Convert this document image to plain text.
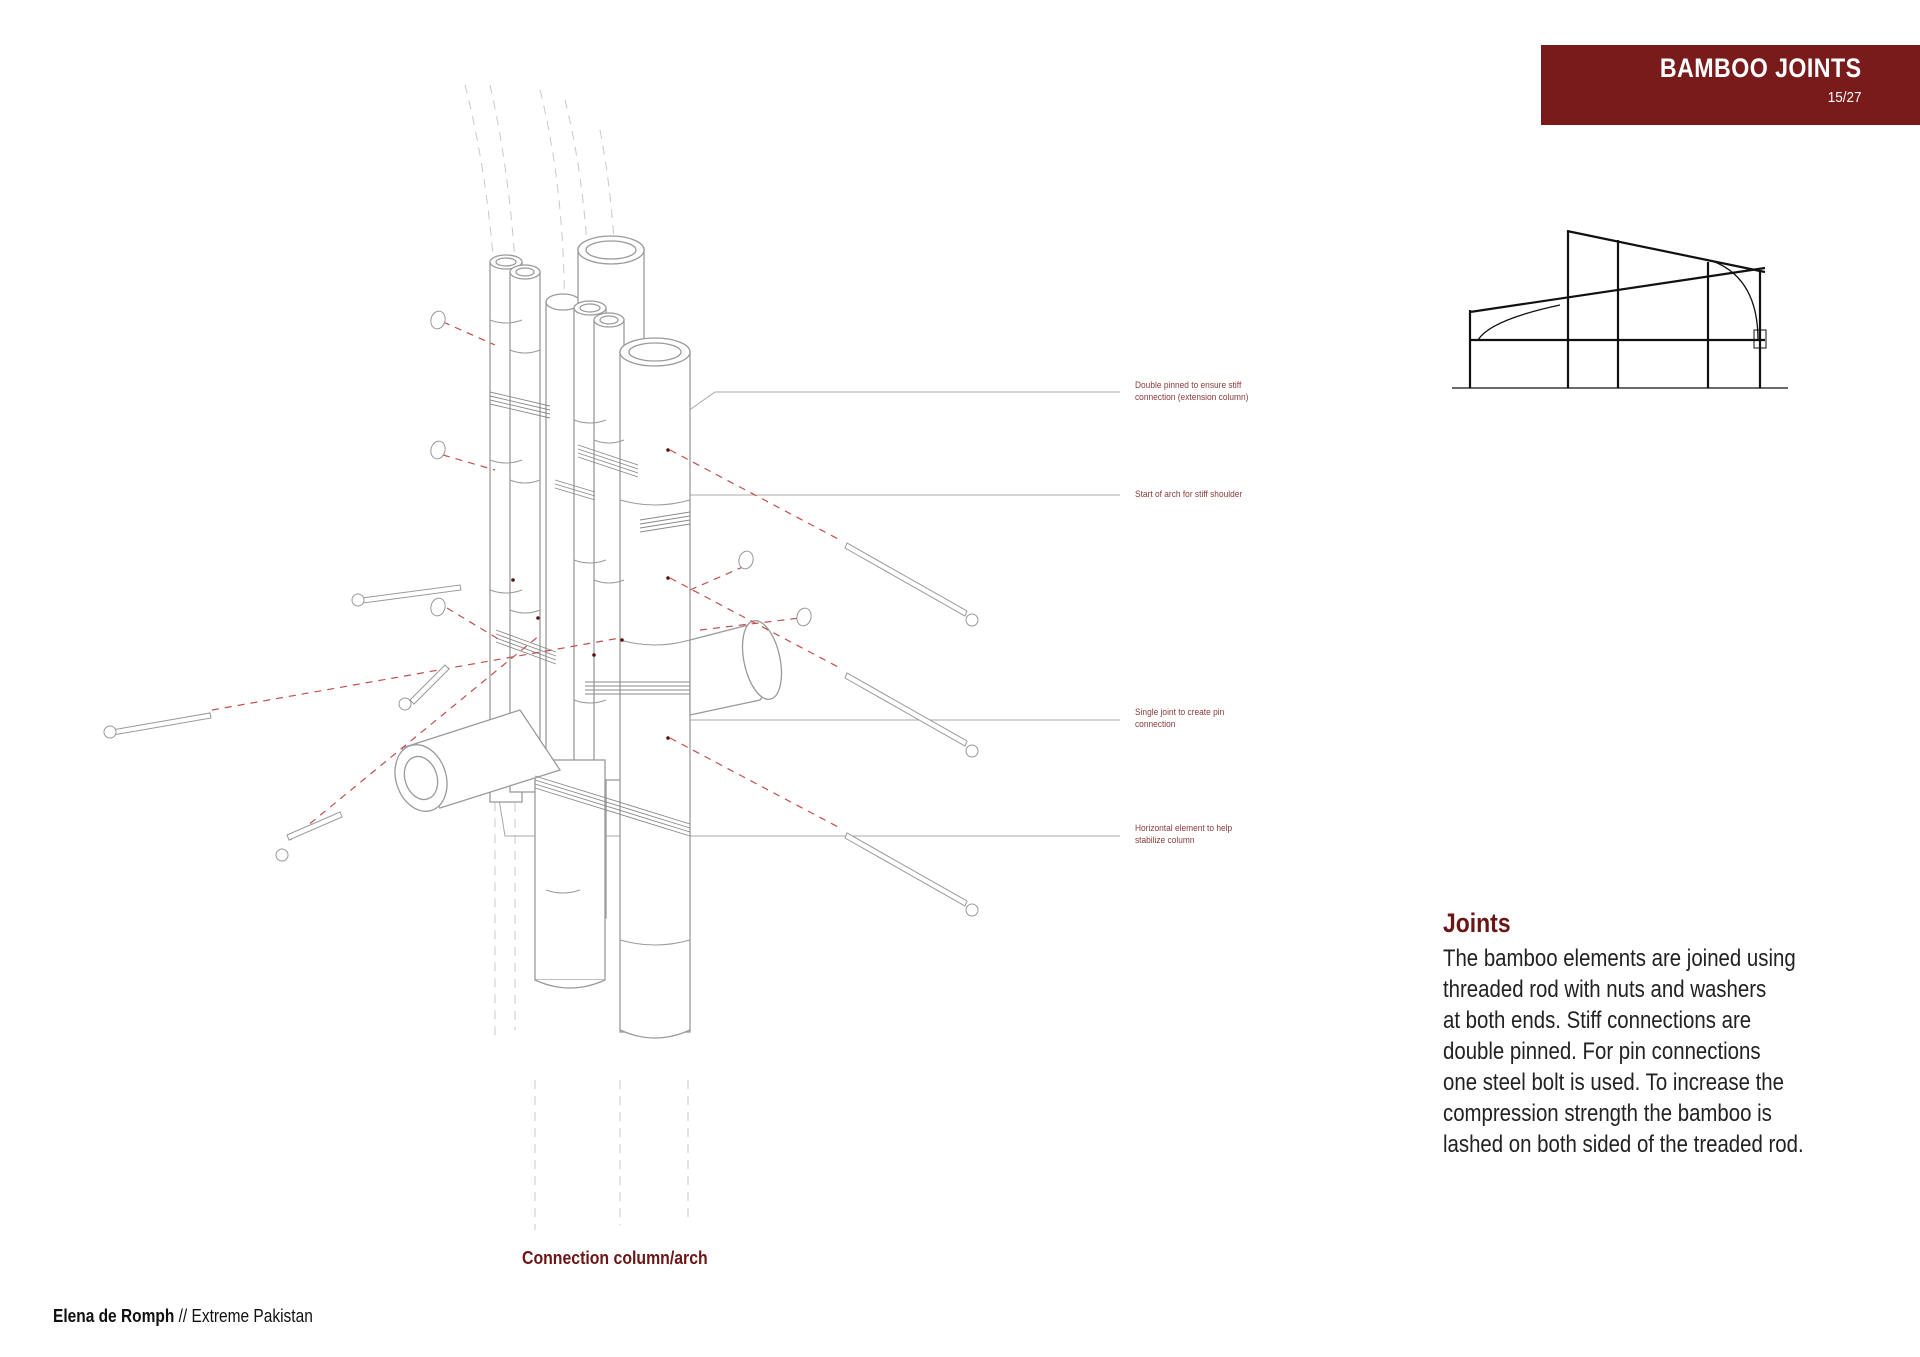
BAMBOO JOINTS
15/27
Double pinned to ensure stiff
connection (extension column)
Start of arch for stiff shoulder
Single joint to create pin
connection
Horizontal element to help
stabilize column
Joints
The bamboo elements are joined using
threaded rod with nuts and washers
at both ends. Stiff connections are
double pinned. For pin connections
one steel bolt is used. To increase the
compression strength the bamboo is
lashed on both sided of the treaded rod.
Connection column/arch
Elena de Romph // Extreme Pakistan
